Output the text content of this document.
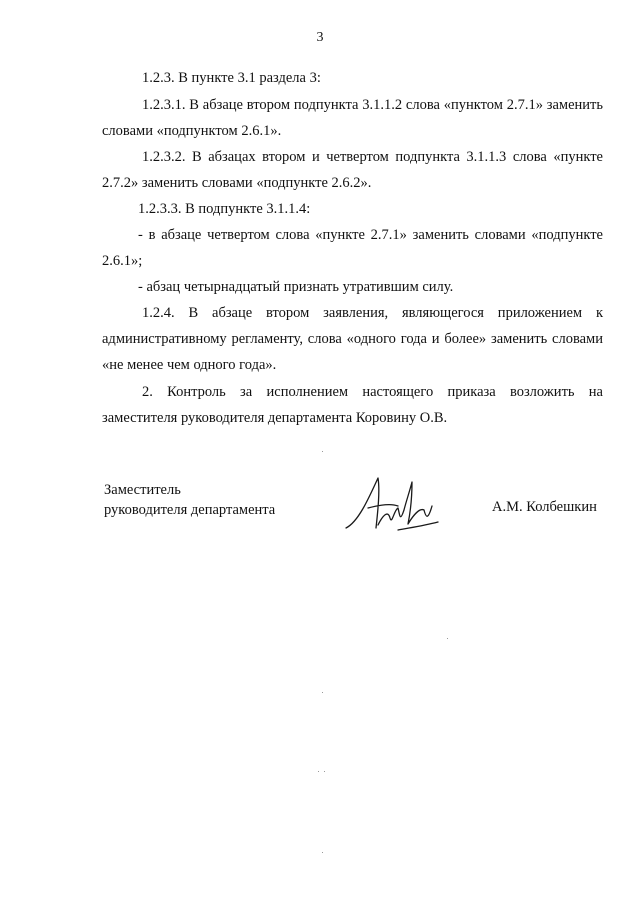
3

1.2.3. В пункте 3.1 раздела 3:

1.2.3.1. В абзаце втором подпункта 3.1.1.2 слова «пунктом 2.7.1» заменить словами «подпунктом 2.6.1».

1.2.3.2. В абзацах втором и четвертом подпункта 3.1.1.3 слова «пункте 2.7.2» заменить словами «подпункте 2.6.2».

1.2.3.3. В подпункте 3.1.1.4:

- в абзаце четвертом слова «пункте 2.7.1» заменить словами «подпункте 2.6.1»;

- абзац четырнадцатый признать утратившим силу.

1.2.4. В абзаце втором заявления, являющегося приложением к административному регламенту, слова «одного года и более» заменить словами «не менее чем одного года».

2. Контроль за исполнением настоящего приказа возложить на заместителя руководителя департамента Коровину О.В.

Заместитель
руководителя департамента	А.М. Колбешкин
